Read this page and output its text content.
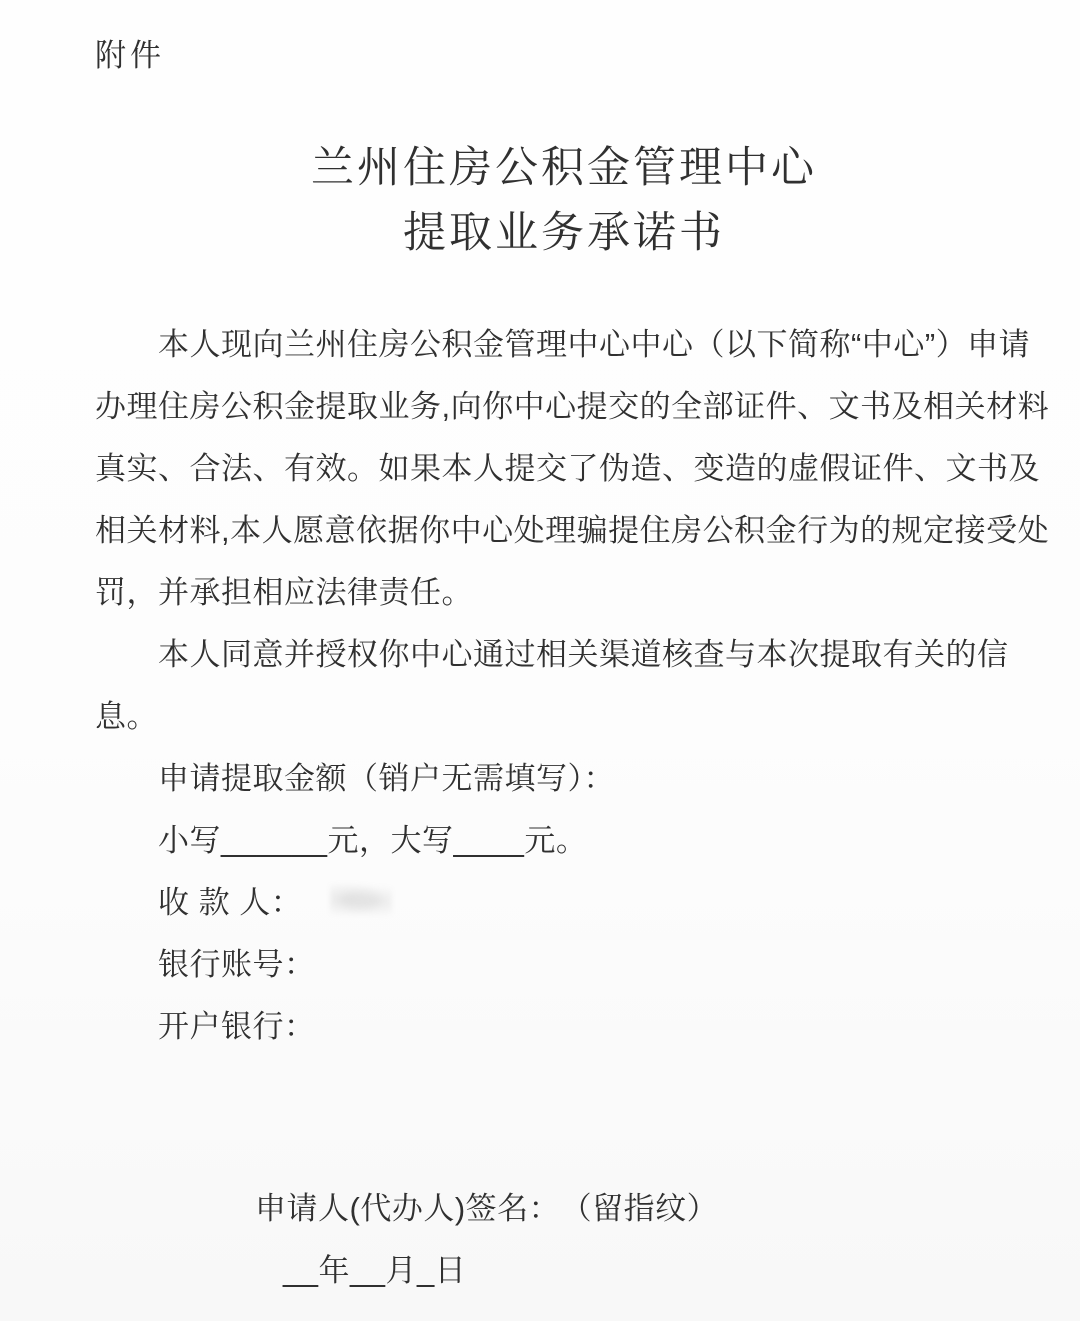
附件
兰州住房公积金管理中心
提取业务承诺书
本人现向兰州住房公积金管理中心中心（以下简称“中心”）申请
办理住房公积金提取业务,向你中心提交的全部证件、文书及相关材料
真实、合法、有效。如果本人提交了伪造、变造的虚假证件、文书及
相关材料,本人愿意依据你中心处理骗提住房公积金行为的规定接受处
罚，并承担相应法律责任。
本人同意并授权你中心通过相关渠道核查与本次提取有关的信
息。
申请提取金额（销户无需填写）：
小写______元，大写____元。
收 款 人：
银行账号：
开户银行：
申请人(代办人)签名：　（留指纹）
__年__月_日
